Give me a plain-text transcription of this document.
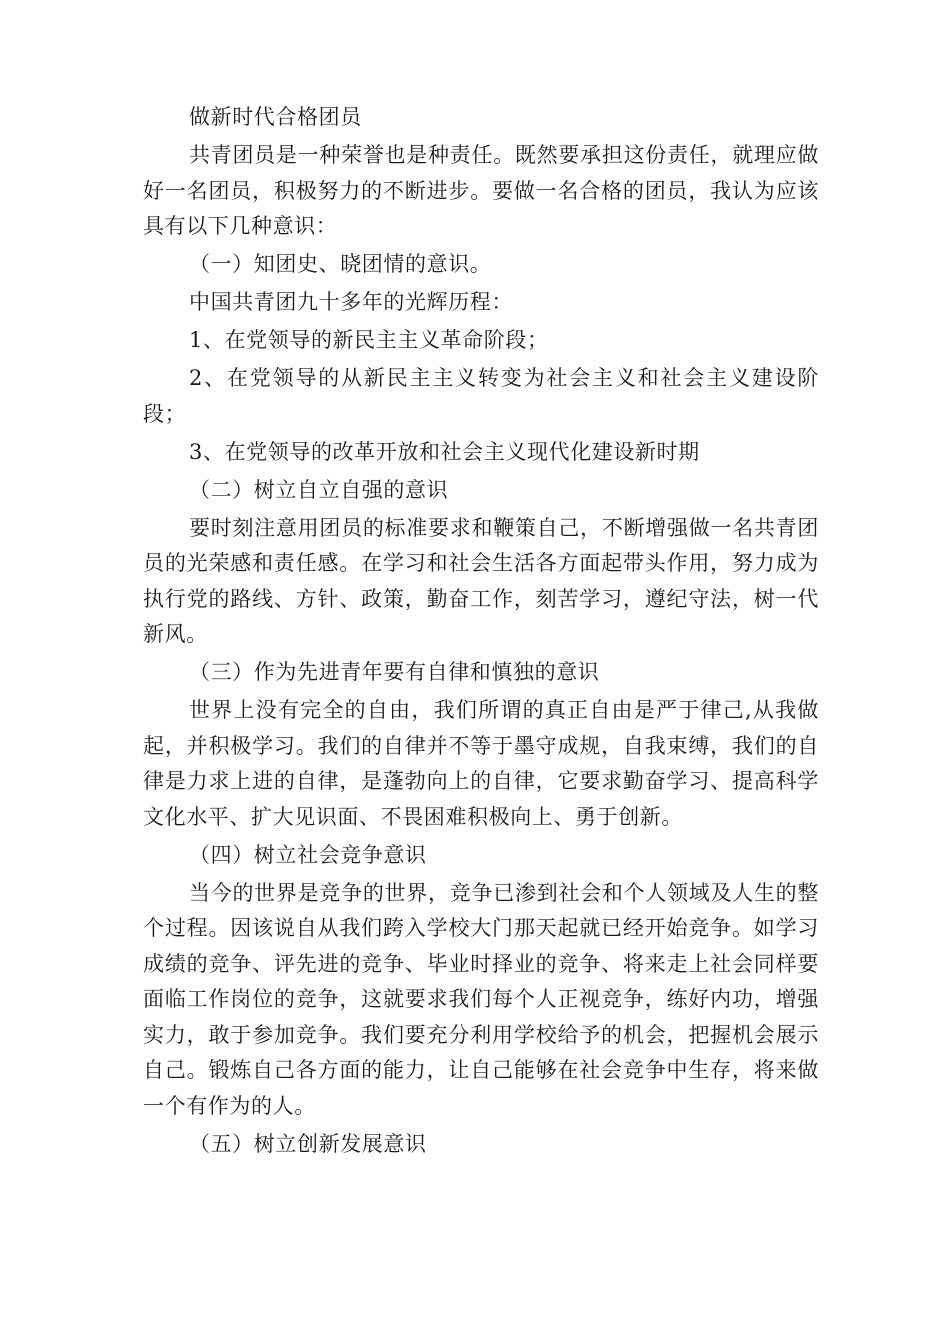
做新时代合格团员

共青团员是一种荣誉也是种责任。既然要承担这份责任，就理应做好一名团员，积极努力的不断进步。要做一名合格的团员，我认为应该具有以下几种意识：

（一）知团史、晓团情的意识。

中国共青团九十多年的光辉历程：

1、在党领导的新民主主义革命阶段；

2、在党领导的从新民主主义转变为社会主义和社会主义建设阶段；

3、在党领导的改革开放和社会主义现代化建设新时期

（二）树立自立自强的意识

要时刻注意用团员的标准要求和鞭策自己，不断增强做一名共青团员的光荣感和责任感。在学习和社会生活各方面起带头作用，努力成为执行党的路线、方针、政策，勤奋工作，刻苦学习，遵纪守法，树一代新风。

（三）作为先进青年要有自律和慎独的意识

世界上没有完全的自由，我们所谓的真正自由是严于律己,从我做起，并积极学习。我们的自律并不等于墨守成规，自我束缚，我们的自律是力求上进的自律，是蓬勃向上的自律，它要求勤奋学习、提高科学文化水平、扩大见识面、不畏困难积极向上、勇于创新。

（四）树立社会竞争意识

当今的世界是竞争的世界，竞争已渗到社会和个人领域及人生的整个过程。因该说自从我们跨入学校大门那天起就已经开始竞争。如学习成绩的竞争、评先进的竞争、毕业时择业的竞争、将来走上社会同样要面临工作岗位的竞争，这就要求我们每个人正视竞争，练好内功，增强实力，敢于参加竞争。我们要充分利用学校给予的机会，把握机会展示自己。锻炼自己各方面的能力，让自己能够在社会竞争中生存，将来做一个有作为的人。

（五）树立创新发展意识
